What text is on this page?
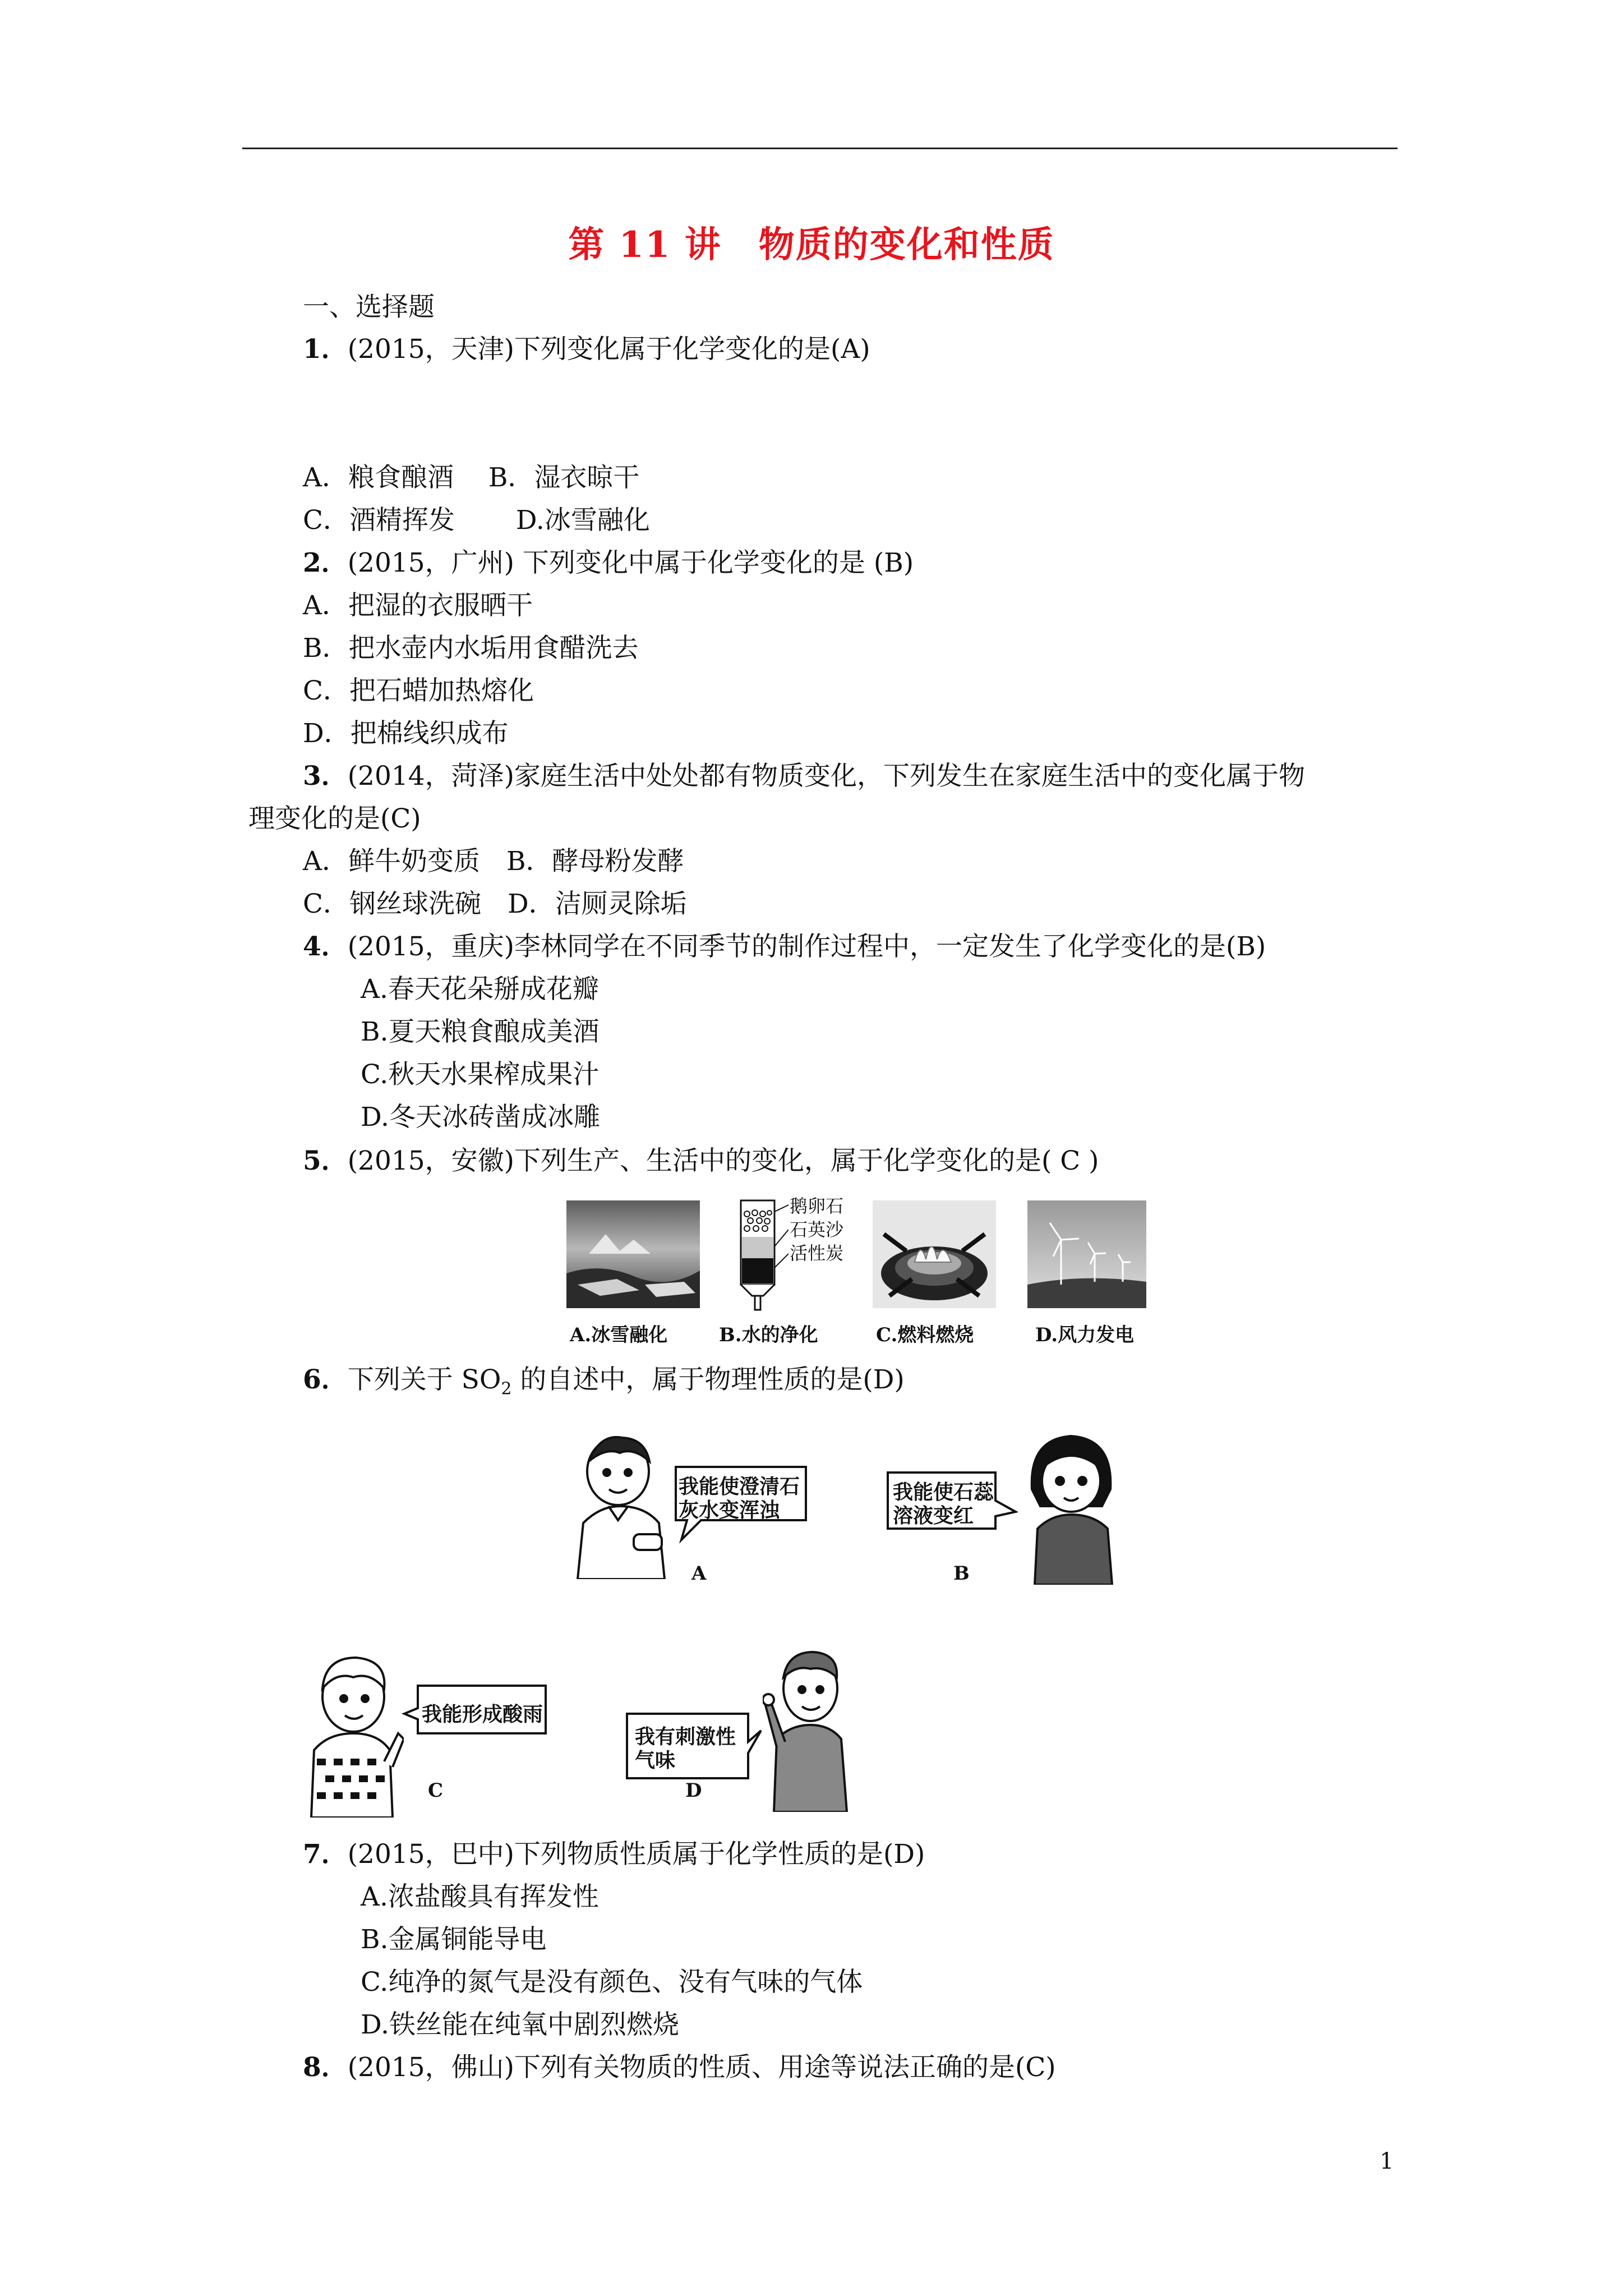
第 11 讲　物质的变化和性质
一、选择题
1．(2015，天津)下列变化属于化学变化的是(A)
A．粮食酿酒　 B．湿衣晾干
C．酒精挥发　　 D.冰雪融化
2．(2015，广州) 下列变化中属于化学变化的是 (B)
A．把湿的衣服晒干
B．把水壶内水垢用食醋洗去
C．把石蜡加热熔化
D．把棉线织成布
3．(2014，菏泽)家庭生活中处处都有物质变化，下列发生在家庭生活中的变化属于物
理变化的是(C)
A．鲜牛奶变质　B．酵母粉发酵
C．钢丝球洗碗　D．洁厕灵除垢
4．(2015，重庆)李林同学在不同季节的制作过程中，一定发生了化学变化的是(B)
A.春天花朵掰成花瓣
B.夏天粮食酿成美酒
C.秋天水果榨成果汁
D.冬天冰砖凿成冰雕
5．(2015，安徽)下列生产、生活中的变化，属于化学变化的是( C )
鹅卵石
石英沙
活性炭
A.冰雪融化	B.水的净化	C.燃料燃烧	D.风力发电
6．下列关于 $SO_2$ 的自述中，属于物理性质的是(D)
我能使澄清石
灰水变浑浊
A
我能使石蕊
溶液变红
B
我能形成酸雨
C
我有刺激性
气味
D
7．(2015，巴中)下列物质性质属于化学性质的是(D)
A.浓盐酸具有挥发性
B.金属铜能导电
C.纯净的氮气是没有颜色、没有气味的气体
D.铁丝能在纯氧中剧烈燃烧
8．(2015，佛山)下列有关物质的性质、用途等说法正确的是(C)
1
